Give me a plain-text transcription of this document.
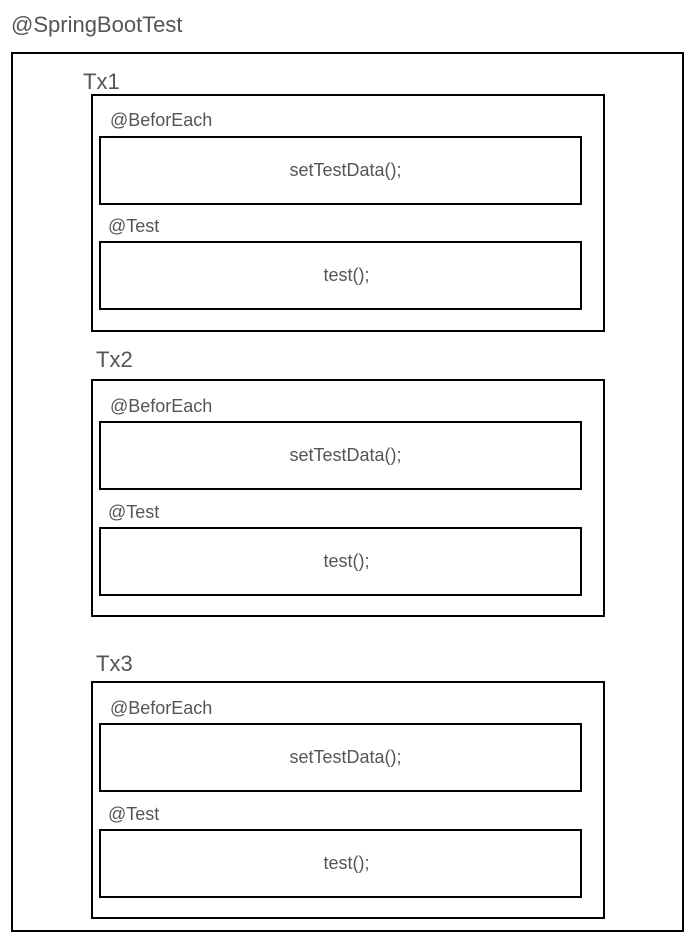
@SpringBootTest
Tx1
@BeforEach
setTestData();
@Test
test();
Tx2
@BeforEach
setTestData();
@Test
test();
Tx3
@BeforEach
setTestData();
@Test
test();
